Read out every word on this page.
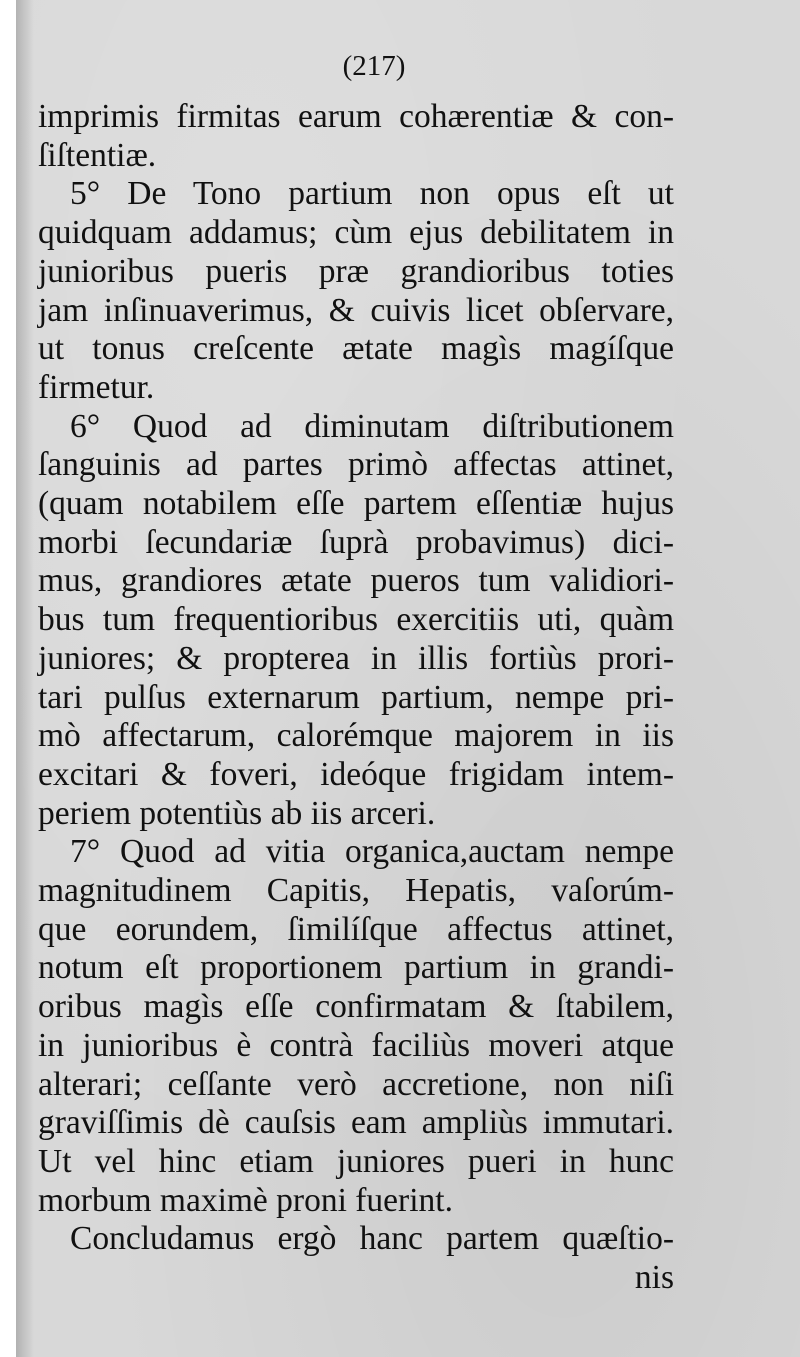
(217)
imprimis firmitas earum cohærentiæ & con-
ſiſtentiæ.
5° De Tono partium non opus eſt ut
quidquam addamus; cùm ejus debilitatem in
junioribus pueris præ grandioribus toties
jam inſinuaverimus, & cuivis licet obſervare,
ut tonus creſcente ætate magìs magíſque
firmetur.
6° Quod ad diminutam diſtributionem
ſanguinis ad partes primò affectas attinet,
(quam notabilem eſſe partem eſſentiæ hujus
morbi ſecundariæ ſuprà probavimus) dici-
mus, grandiores ætate pueros tum validiori-
bus tum frequentioribus exercitiis uti, quàm
juniores; & propterea in illis fortiùs prori-
tari pulſus externarum partium, nempe pri-
mò affectarum, calorémque majorem in iis
excitari & foveri, ideóque frigidam intem-
periem potentiùs ab iis arceri.
7° Quod ad vitia organica,auctam nempe
magnitudinem Capitis, Hepatis, vaſorúm-
que eorundem, ſimilíſque affectus attinet,
notum eſt proportionem partium in grandi-
oribus magìs eſſe confirmatam & ſtabilem,
in junioribus è contrà faciliùs moveri atque
alterari; ceſſante verò accretione, non niſi
graviſſimis dè cauſsis eam ampliùs immutari.
Ut vel hinc etiam juniores pueri in hunc
morbum maximè proni fuerint.
Concludamus ergò hanc partem quæſtio-
nis
